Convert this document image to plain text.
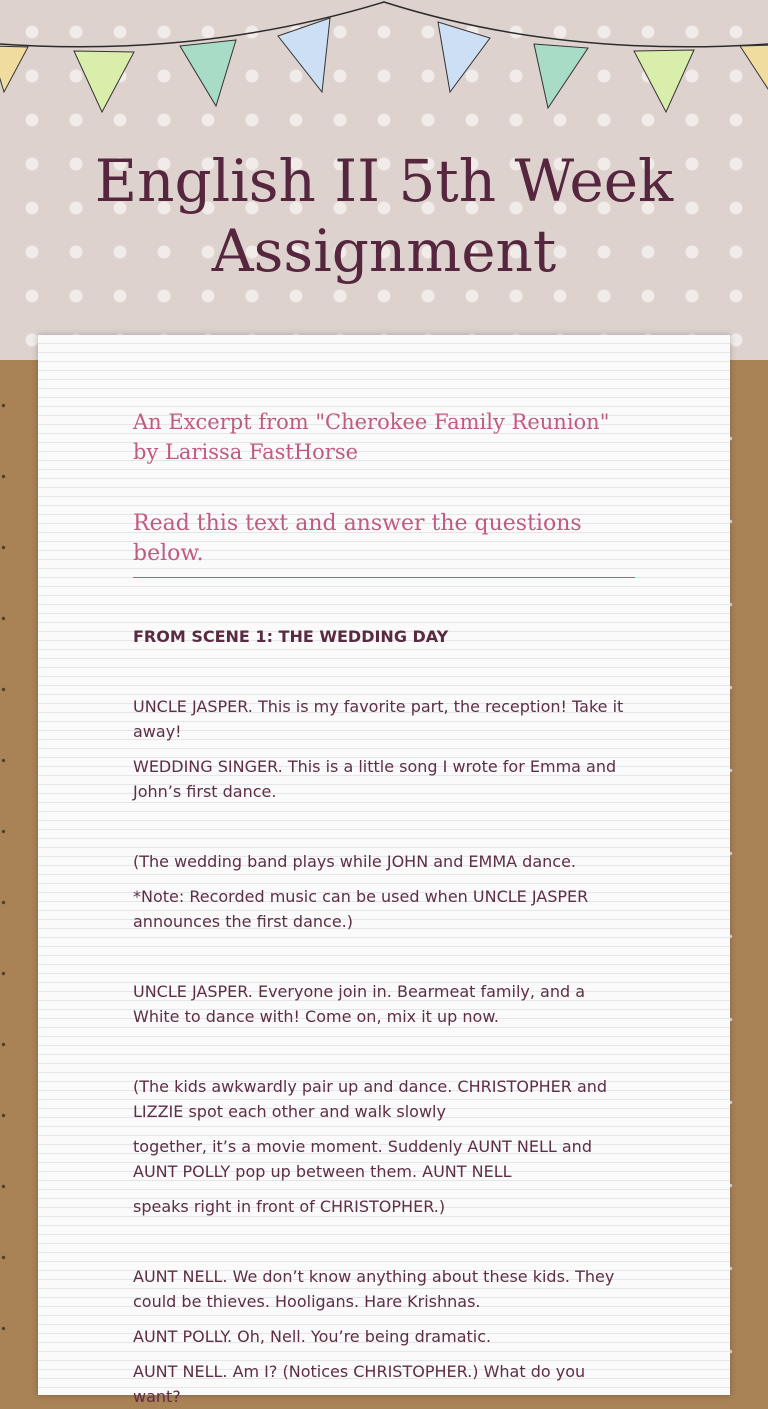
English II 5th Week Assignment

An Excerpt from "Cherokee Family Reunion"
by Larissa FastHorse

Read this text and answer the questions below.

FROM SCENE 1: THE WEDDING DAY

UNCLE JASPER. This is my favorite part, the reception! Take it away!

WEDDING SINGER. This is a little song I wrote for Emma and John’s first dance.

(The wedding band plays while JOHN and EMMA dance.

*Note: Recorded music can be used when UNCLE JASPER announces the first dance.)

UNCLE JASPER. Everyone join in. Bearmeat family, and a White to dance with! Come on, mix it up now.

(The kids awkwardly pair up and dance. CHRISTOPHER and LIZZIE spot each other and walk slowly

together, it’s a movie moment. Suddenly AUNT NELL and AUNT POLLY pop up between them. AUNT NELL

speaks right in front of CHRISTOPHER.)

AUNT NELL. We don’t know anything about these kids. They could be thieves. Hooligans. Hare Krishnas.

AUNT POLLY. Oh, Nell. You’re being dramatic.

AUNT NELL. Am I? (Notices CHRISTOPHER.) What do you want?
